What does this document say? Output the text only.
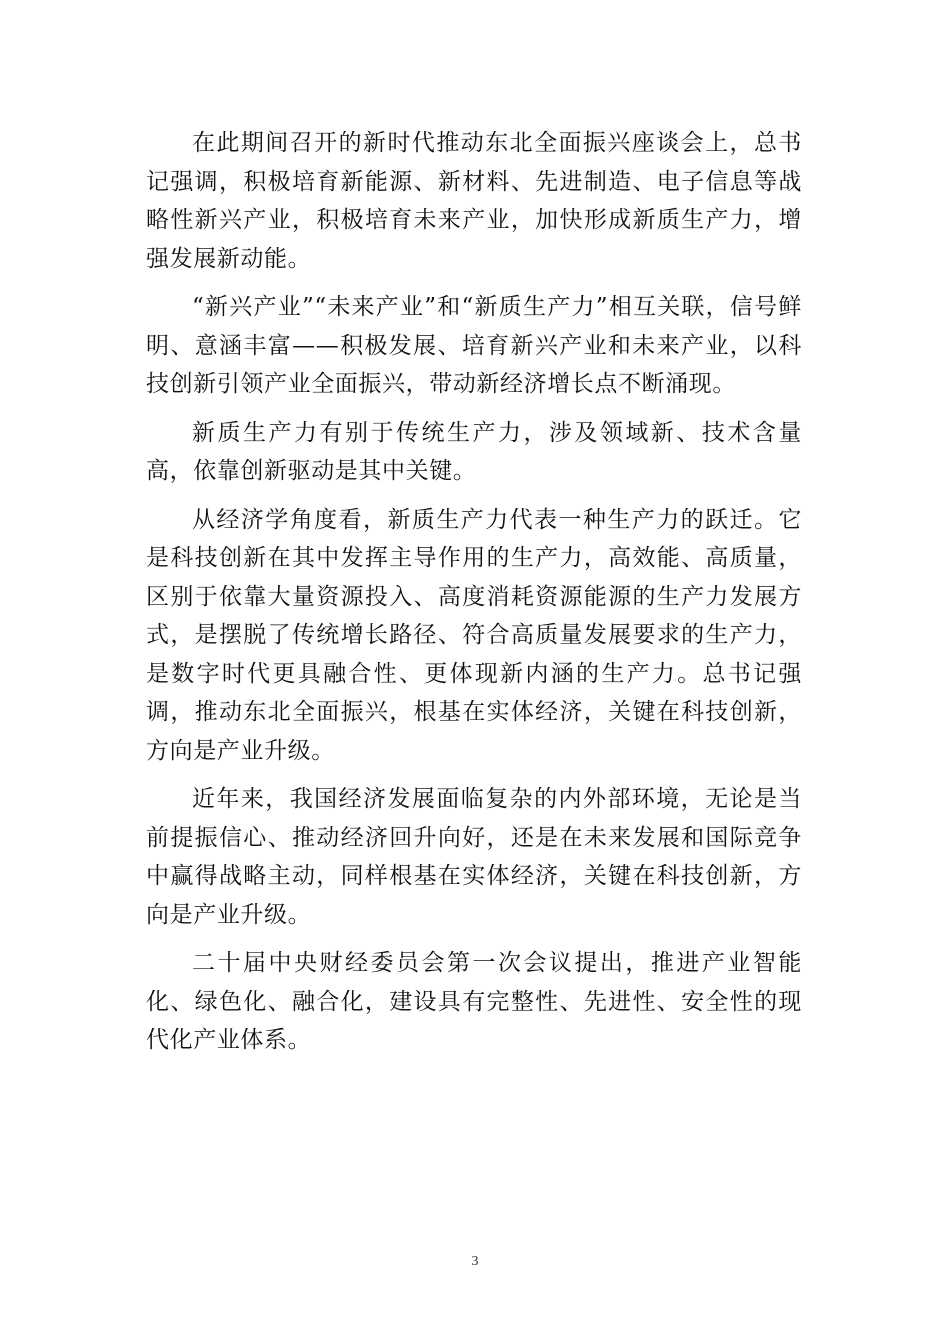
在此期间召开的新时代推动东北全面振兴座谈会上，总书记强调，积极培育新能源、新材料、先进制造、电子信息等战略性新兴产业，积极培育未来产业，加快形成新质生产力，增强发展新动能。

“新兴产业”“未来产业”和“新质生产力”相互关联，信号鲜明、意涵丰富——积极发展、培育新兴产业和未来产业，以科技创新引领产业全面振兴，带动新经济增长点不断涌现。

新质生产力有别于传统生产力，涉及领域新、技术含量高，依靠创新驱动是其中关键。

从经济学角度看，新质生产力代表一种生产力的跃迁。它是科技创新在其中发挥主导作用的生产力，高效能、高质量，区别于依靠大量资源投入、高度消耗资源能源的生产力发展方式，是摆脱了传统增长路径、符合高质量发展要求的生产力，是数字时代更具融合性、更体现新内涵的生产力。总书记强调，推动东北全面振兴，根基在实体经济，关键在科技创新，方向是产业升级。

近年来，我国经济发展面临复杂的内外部环境，无论是当前提振信心、推动经济回升向好，还是在未来发展和国际竞争中赢得战略主动，同样根基在实体经济，关键在科技创新，方向是产业升级。

二十届中央财经委员会第一次会议提出，推进产业智能化、绿色化、融合化，建设具有完整性、先进性、安全性的现代化产业体系。

3
